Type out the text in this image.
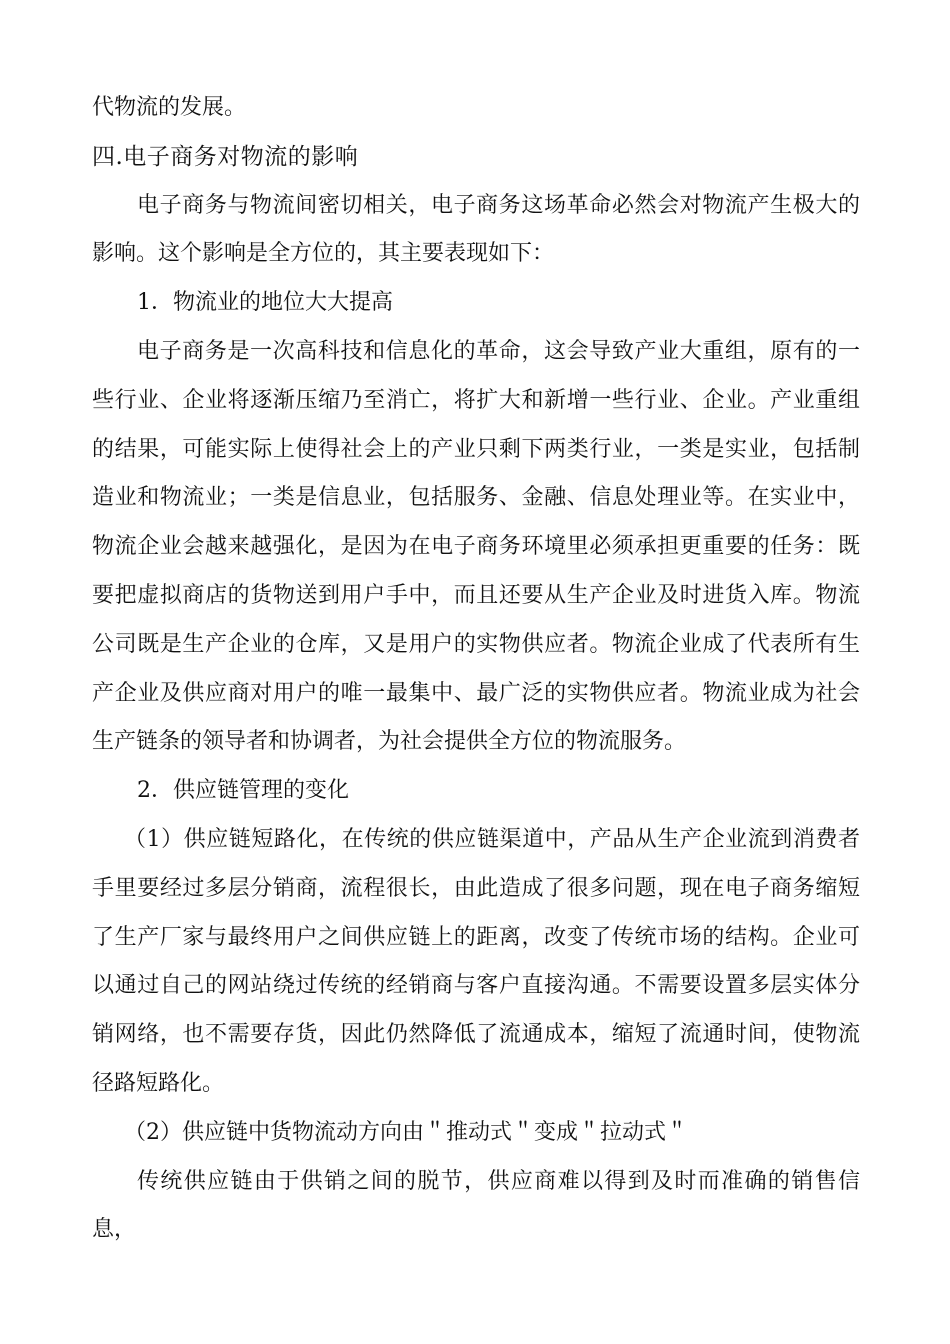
代物流的发展。

四.电子商务对物流的影响

电子商务与物流间密切相关，电子商务这场革命必然会对物流产生极大的影响。这个影响是全方位的，其主要表现如下：

1．物流业的地位大大提高

电子商务是一次高科技和信息化的革命，这会导致产业大重组，原有的一些行业、企业将逐渐压缩乃至消亡，将扩大和新增一些行业、企业。产业重组的结果，可能实际上使得社会上的产业只剩下两类行业，一类是实业，包括制造业和物流业；一类是信息业，包括服务、金融、信息处理业等。在实业中，物流企业会越来越强化，是因为在电子商务环境里必须承担更重要的任务：既要把虚拟商店的货物送到用户手中，而且还要从生产企业及时进货入库。物流公司既是生产企业的仓库，又是用户的实物供应者。物流企业成了代表所有生产企业及供应商对用户的唯一最集中、最广泛的实物供应者。物流业成为社会生产链条的领导者和协调者，为社会提供全方位的物流服务。

2．供应链管理的变化

（1）供应链短路化，在传统的供应链渠道中，产品从生产企业流到消费者手里要经过多层分销商，流程很长，由此造成了很多问题，现在电子商务缩短了生产厂家与最终用户之间供应链上的距离，改变了传统市场的结构。企业可以通过自己的网站绕过传统的经销商与客户直接沟通。不需要设置多层实体分销网络，也不需要存货，因此仍然降低了流通成本，缩短了流通时间，使物流径路短路化。

（2）供应链中货物流动方向由＂推动式＂变成＂拉动式＂

传统供应链由于供销之间的脱节，供应商难以得到及时而准确的销售信息，
